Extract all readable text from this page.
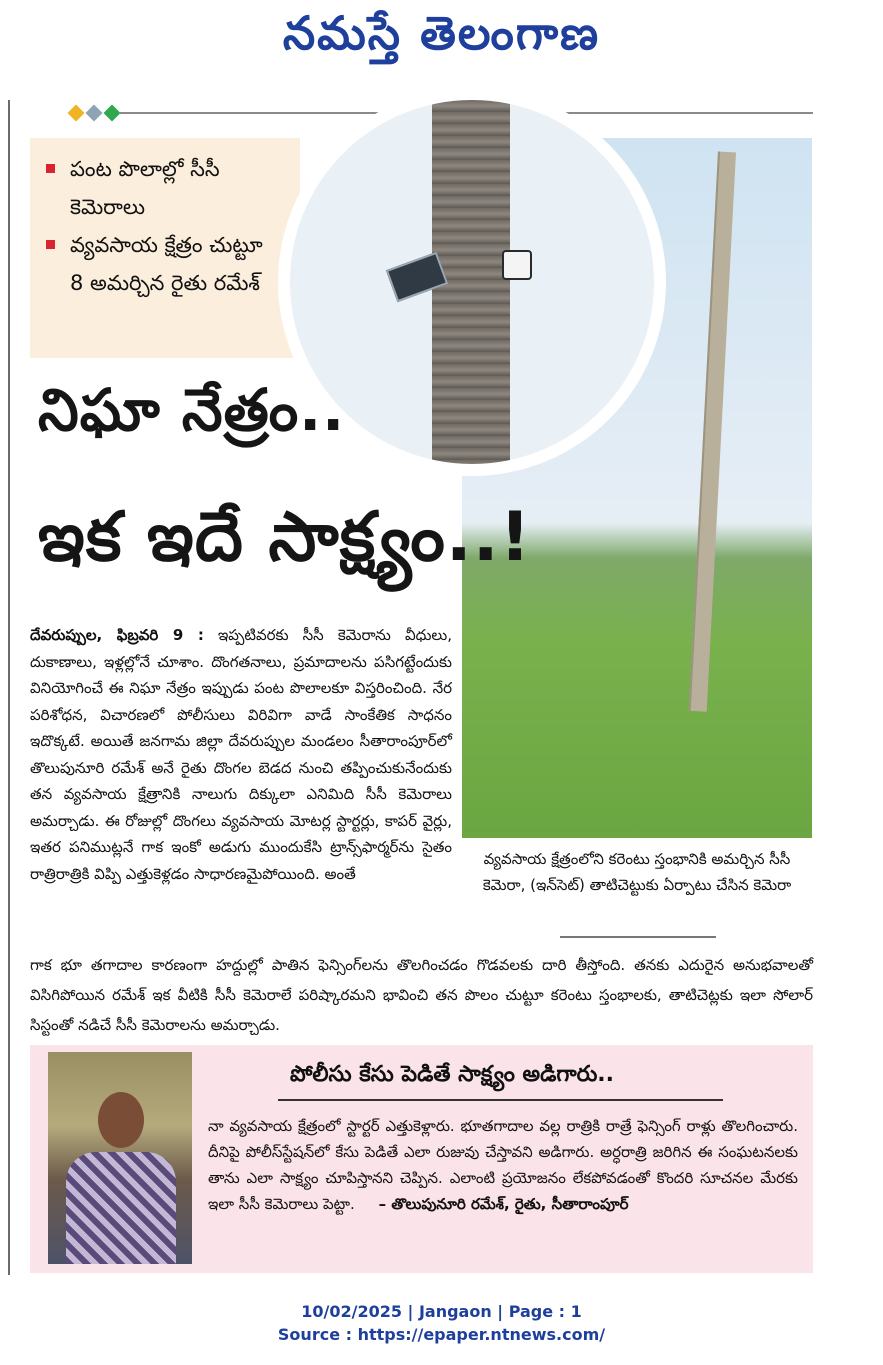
నమస్తే తెలంగాణ
పంట పొలాల్లో సీసీ కెమెరాలు
వ్యవసాయ క్షేత్రం చుట్టూ 8 అమర్చిన రైతు రమేశ్
నిఘా నేత్రం..
ఇక ఇదే సాక్ష్యం..!
దేవరుప్పుల, ఫిబ్రవరి 9 : ఇప్పటివరకు సీసీ కెమెరాను వీధులు, దుకాణాలు, ఇళ్లల్లోనే చూశాం. దొంగతనాలు, ప్రమాదాలను పసిగట్టేందుకు వినియోగించే ఈ నిఘా నేత్రం ఇప్పుడు పంట పొలాలకూ విస్తరించింది. నేర పరిశోధన, విచారణలో పోలీసులు విరివిగా వాడే సాంకేతిక సాధనం ఇదొక్కటే. అయితే జనగామ జిల్లా దేవరుప్పుల మండలం సీతారాంపూర్‌లో తొలుపునూరి రమేశ్ అనే రైతు దొంగల బెడద నుంచి తప్పించుకునేందుకు తన వ్యవసాయ క్షేత్రానికి నాలుగు దిక్కులా ఎనిమిది సీసీ కెమెరాలు అమర్చాడు. ఈ రోజుల్లో దొంగలు వ్యవసాయ మోటర్ల స్టార్టర్లు, కాపర్ వైర్లు, ఇతర పనిముట్లనే గాక ఇంకో అడుగు ముందుకేసి ట్రాన్స్‌ఫార్మర్‌ను సైతం రాత్రిరాత్రికి విప్పి ఎత్తుకెళ్లడం సాధారణమైపోయింది. అంతే
గాక భూ తగాదాల కారణంగా హద్దుల్లో పాతిన ఫెన్సింగ్‌లను తొలగించడం గొడవలకు దారి తీస్తోంది. తనకు ఎదురైన అనుభవాలతో విసిగిపోయిన రమేశ్ ఇక వీటికి సీసీ కెమెరాలే పరిష్కారమని భావించి తన పొలం చుట్టూ కరెంటు స్తంభాలకు, తాటిచెట్లకు ఇలా సోలార్ సిస్టంతో నడిచే సీసీ కెమెరాలను అమర్చాడు.
వ్యవసాయ క్షేత్రంలోని కరెంటు స్తంభానికి అమర్చిన సీసీ కెమెరా, (ఇన్‌సెట్) తాటిచెట్టుకు ఏర్పాటు చేసిన కెమెరా
పోలీసు కేసు పెడితే సాక్ష్యం అడిగారు..
నా వ్యవసాయ క్షేత్రంలో స్టార్టర్ ఎత్తుకెళ్లారు. భూతగాదాల వల్ల రాత్రికి రాత్రే ఫెన్సింగ్ రాళ్లు తొలగించారు. దీనిపై పోలీస్‌స్టేషన్‌లో కేసు పెడితే ఎలా రుజువు చేస్తావని అడిగారు. అర్ధరాత్రి జరిగిన ఈ సంఘటనలకు తాను ఎలా సాక్ష్యం చూపిస్తానని చెప్పిన. ఎలాంటి ప్రయోజనం లేకపోవడంతో కొందరి సూచనల మేరకు ఇలా సీసీ కెమెరాలు పెట్టా. – తొలుపునూరి రమేశ్, రైతు, సీతారాంపూర్
10/02/2025 | Jangaon | Page : 1
Source : https://epaper.ntnews.com/
